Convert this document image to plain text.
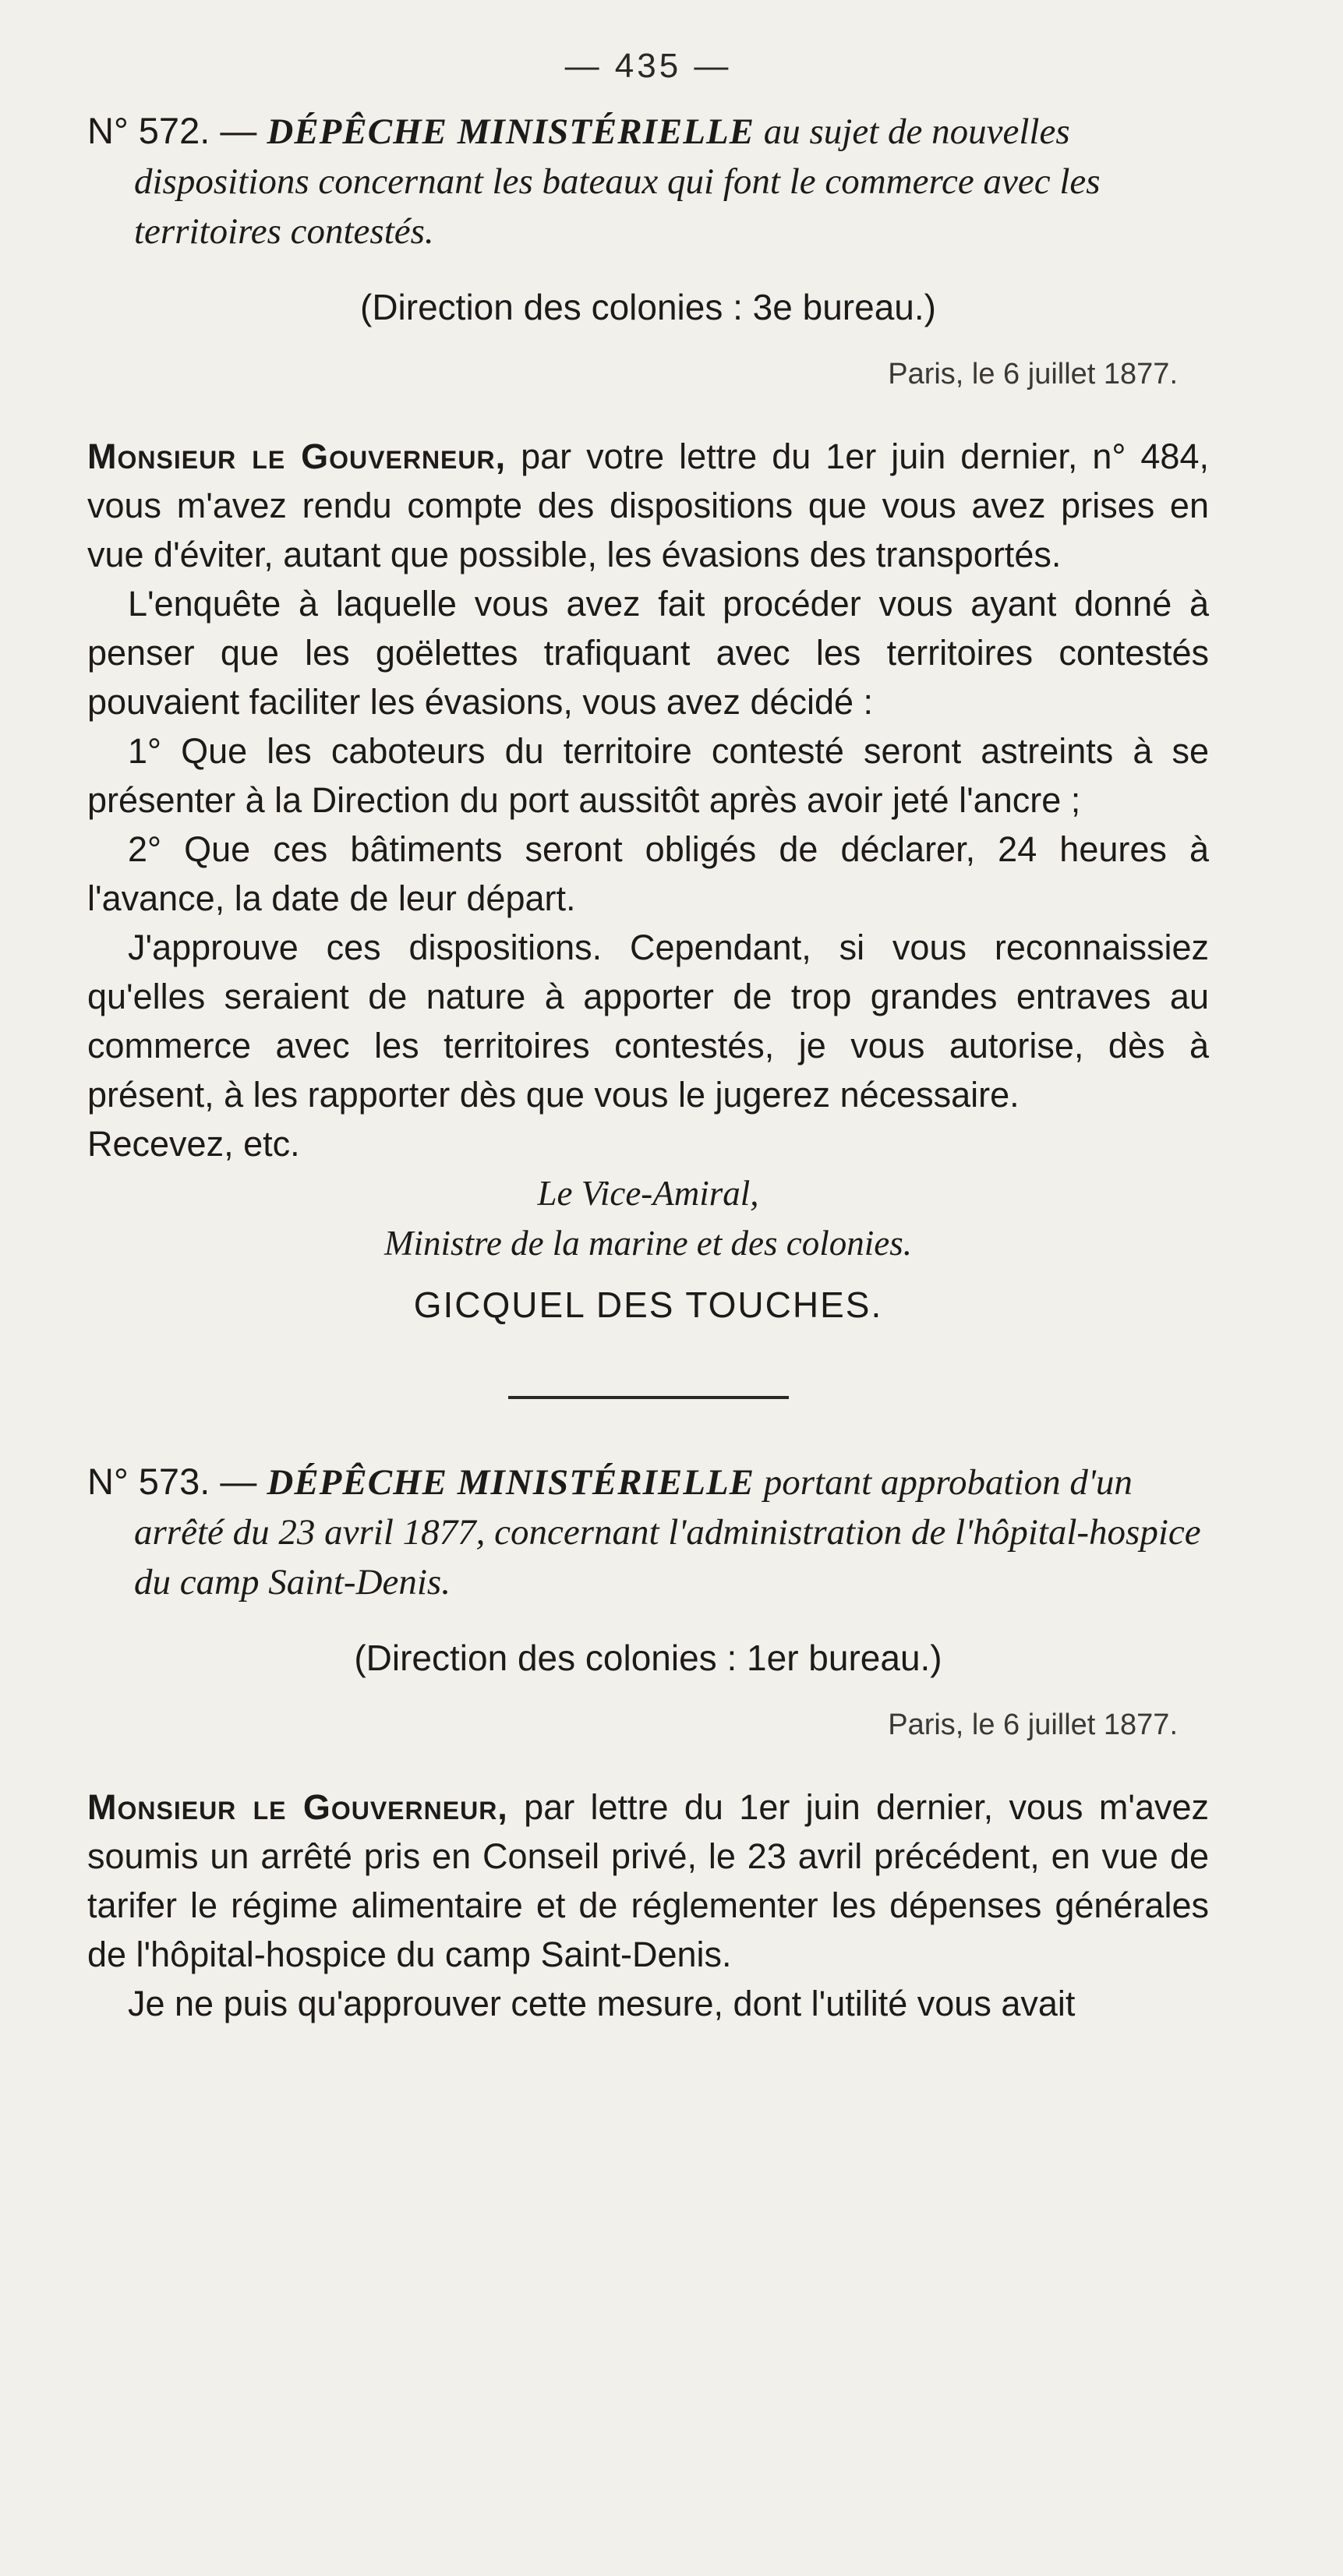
— 435 —

N° 572. — DÉPÊCHE MINISTÉRIELLE au sujet de nouvelles dispositions concernant les bateaux qui font le commerce avec les territoires contestés.

(Direction des colonies : 3e bureau.)
Paris, le 6 juillet 1877.

Monsieur le Gouverneur, par votre lettre du 1er juin dernier, n° 484, vous m'avez rendu compte des dispositions que vous avez prises en vue d'éviter, autant que possible, les évasions des transportés.

L'enquête à laquelle vous avez fait procéder vous ayant donné à penser que les goëlettes trafiquant avec les territoires contestés pouvaient faciliter les évasions, vous avez décidé :

1° Que les caboteurs du territoire contesté seront astreints à se présenter à la Direction du port aussitôt après avoir jeté l'ancre ;

2° Que ces bâtiments seront obligés de déclarer, 24 heures à l'avance, la date de leur départ.

J'approuve ces dispositions. Cependant, si vous reconnaissiez qu'elles seraient de nature à apporter de trop grandes entraves au commerce avec les territoires contestés, je vous autorise, dès à présent, à les rapporter dès que vous le jugerez nécessaire.

Recevez, etc.

Le Vice-Amiral,

Ministre de la marine et des colonies.

GICQUEL DES TOUCHES.

N° 573. — DÉPÊCHE MINISTÉRIELLE portant approbation d'un arrêté du 23 avril 1877, concernant l'administration de l'hôpital-hospice du camp Saint-Denis.

(Direction des colonies : 1er bureau.)
Paris, le 6 juillet 1877.

Monsieur le Gouverneur, par lettre du 1er juin dernier, vous m'avez soumis un arrêté pris en Conseil privé, le 23 avril précédent, en vue de tarifer le régime alimentaire et de réglementer les dépenses générales de l'hôpital-hospice du camp Saint-Denis.

Je ne puis qu'approuver cette mesure, dont l'utilité vous avait
